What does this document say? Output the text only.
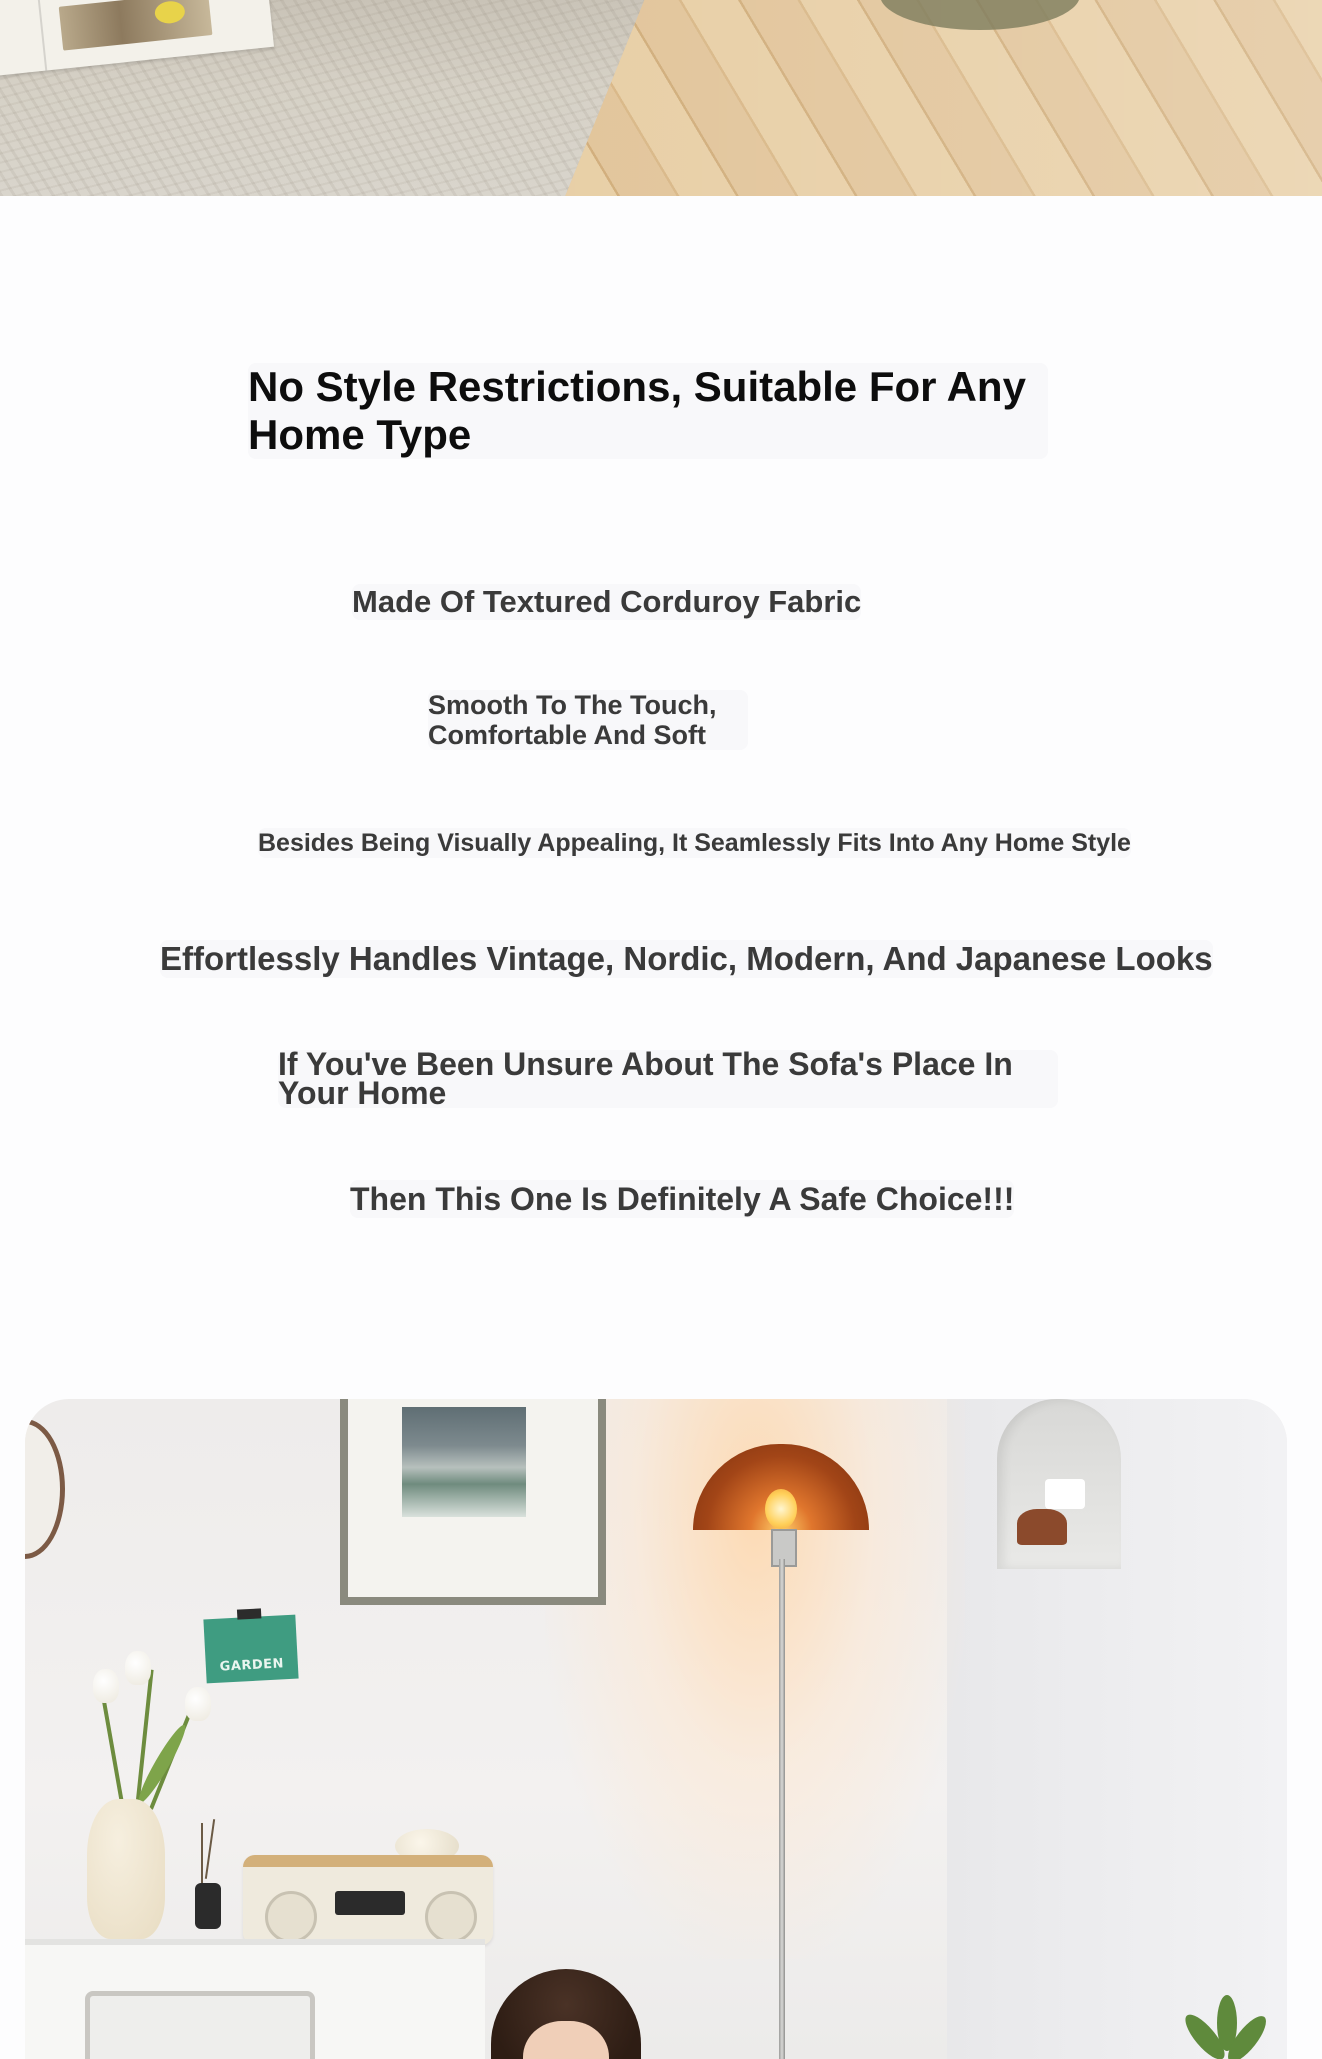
No Style Restrictions, Suitable For Any Home Type

Made Of Textured Corduroy Fabric

Smooth To The Touch, Comfortable And Soft

Besides Being Visually Appealing, It Seamlessly Fits Into Any Home Style

Effortlessly Handles Vintage, Nordic, Modern, And Japanese Looks

If You've Been Unsure About The Sofa's Place In Your Home

Then This One Is Definitely A Safe Choice!!!

GARDEN
